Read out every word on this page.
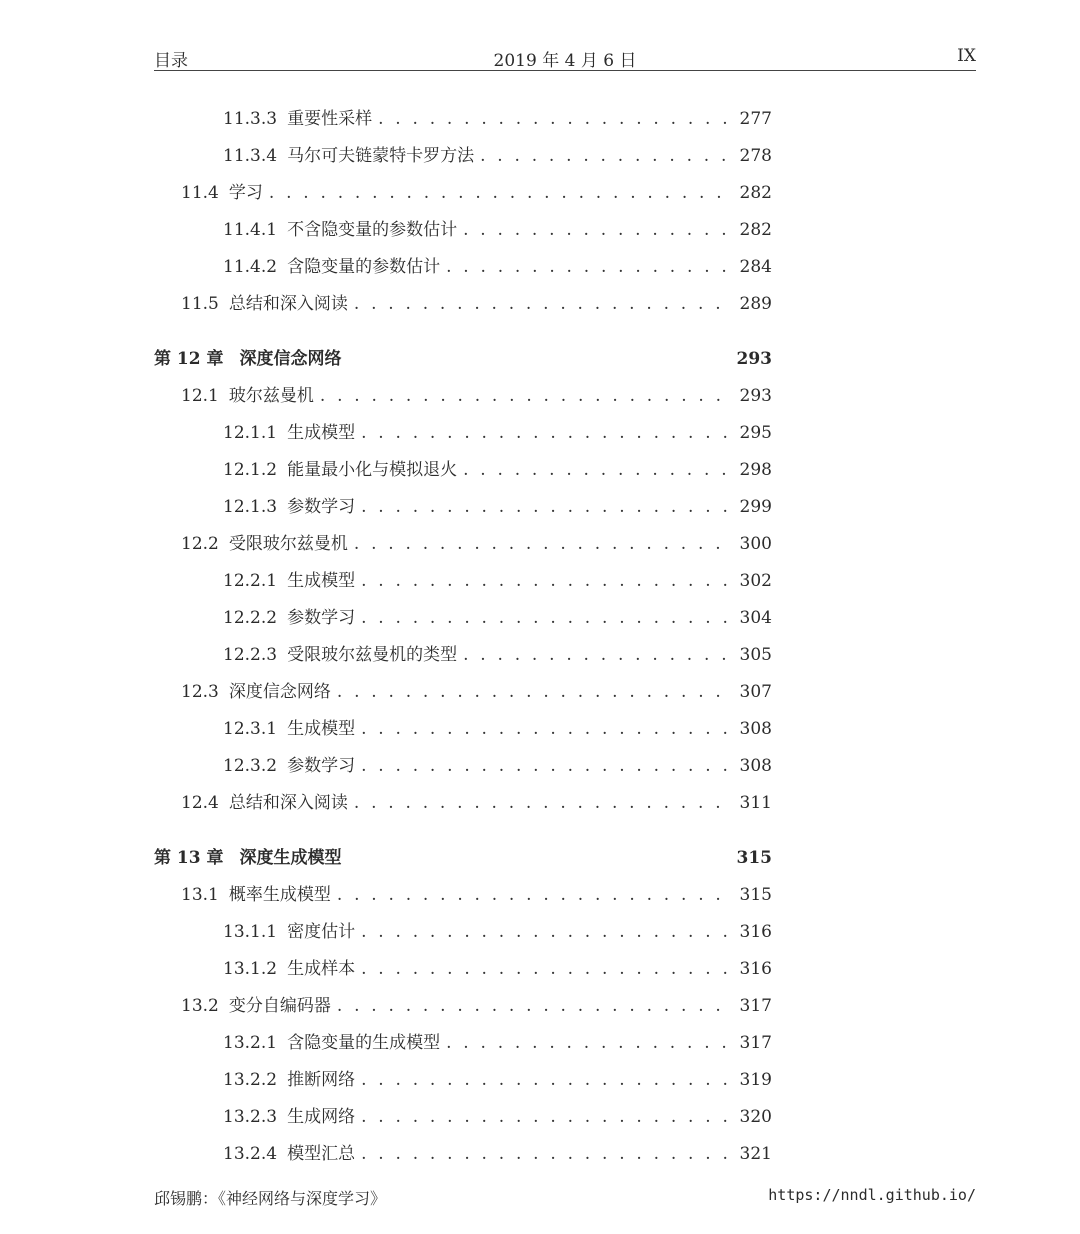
目录	2019 年 4 月 6 日	IX
11.3.3 重要性采样 . . .	277
11.3.4 马尔可夫链蒙特卡罗方法 . . .	278
11.4 学习 . . .	282
11.4.1 不含隐变量的参数估计 . . .	282
11.4.2 含隐变量的参数估计 . . .	284
11.5 总结和深入阅读 . . .	289
第 12 章 深度信念网络	293
12.1 玻尔兹曼机 . . .	293
12.1.1 生成模型 . . .	295
12.1.2 能量最小化与模拟退火 . . .	298
12.1.3 参数学习 . . .	299
12.2 受限玻尔兹曼机 . . .	300
12.2.1 生成模型 . . .	302
12.2.2 参数学习 . . .	304
12.2.3 受限玻尔兹曼机的类型 . . .	305
12.3 深度信念网络 . . .	307
12.3.1 生成模型 . . .	308
12.3.2 参数学习 . . .	308
12.4 总结和深入阅读 . . .	311
第 13 章 深度生成模型	315
13.1 概率生成模型 . . .	315
13.1.1 密度估计 . . .	316
13.1.2 生成样本 . . .	316
13.2 变分自编码器 . . .	317
13.2.1 含隐变量的生成模型 . . .	317
13.2.2 推断网络 . . .	319
13.2.3 生成网络 . . .	320
13.2.4 模型汇总 . . .	321
邱锡鹏：《神经网络与深度学习》	https://nndl.github.io/
